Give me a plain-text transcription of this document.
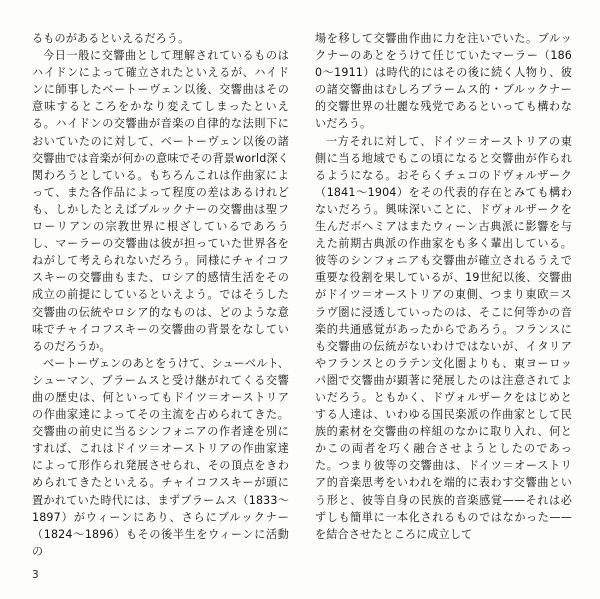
るものがあるといえるだろう。

今日一般に交響曲として理解されているものはハイドンによって確立されたといえるが、ハイドンに師事したベートーヴェン以後、交響曲はその意味するところをかなり変えてしまったといえる。ハイドンの交響曲が音楽の自律的な法則下においていたのに対して、ベートーヴェン以後の諸交響曲では音楽が何かの意味でその背景world深く関わろうとしている。もちろんこれは作曲家によって、また各作品によって程度の差はあるけれども、しかしたとえばブルックナーの交響曲は聖フローリアンの宗教世界に根ざしているであろうし、マーラーの交響曲は彼が担っていた世界各をねがして考えられないだろう。同様にチャイコフスキーの交響曲もまた、ロシア的感情生活をその成立の前提にしているといえよう。ではそうした交響曲の伝統やロシア的なものは、どのような意味でチャイコフスキーの交響曲の背景をなしているのだろうか。

ベートーヴェンのあとをうけて、シューベルト、シューマン、ブラームスと受け継がれてくる交響曲の歴史は、何といってもドイツ＝オーストリアの作曲家達によってその主流を占められてきた。交響曲の前史に当るシンフォニアの作者達を別にすれば、これはドイツ＝オーストリアの作曲家達によって形作られ発展させられ、その頂点をきわめられてきたといえる。チャイコフスキーが頭に置かれていた時代には、まずブラームス（1833〜1897）がウィーンにあり、さらにブルックナー（1824〜1896）もその後半生をウィーンに活動の

場を移して交響曲作曲に力を注いでいた。ブルックナーのあとをうけて任じていたマーラー（1860〜1911）は時代的にはその後に続く人物り、彼の諸交響曲はむしろブラームス的・ブルックナー的交響世界の壮麗な残党であるといっても構わないだろう。

一方それに対して、ドイツ＝オーストリアの東側に当る地域でもこの頃になると交響曲が作られるようになる。おそらくチェコのドヴォルザーク（1841〜1904）をその代表的存在とみても構わないだろう。興味深いことに、ドヴォルザークを生んだボヘミアはまたウィーン古典派に影響を与えた前期古典派の作曲家をも多く輩出している。彼等のシンフォニアも交響曲が確立されるうえで重要な役割を果しているが、19世紀以後、交響曲がドイツ＝オーストリアの東側、つまり東欧＝スラヴ圏に浸透していったのは、そこに何等かの音楽的共通感覚があったからであろう。フランスにも交響曲の伝統がないわけではないが、イタリアやフランスとのラテン文化圏よりも、東ヨーロッパ圏で交響曲が顕著に発展したのは注意されてよいだろう。ともかく、ドヴォルザークをはじめとする人達は、いわゆる国民楽派の作曲家として民族的素材を交響曲の梓組のなかに取り入れ、何とかこの両者を巧く融合させようとしたのであった。つまり彼等の交響曲は、ドイツ＝オーストリア的音楽思考をいわれを端的に表わす交響曲という形と、彼等自身の民族的音楽感覚——それは必ずしも簡単に一本化されるものではなかった——を結合させたところに成立して

3
